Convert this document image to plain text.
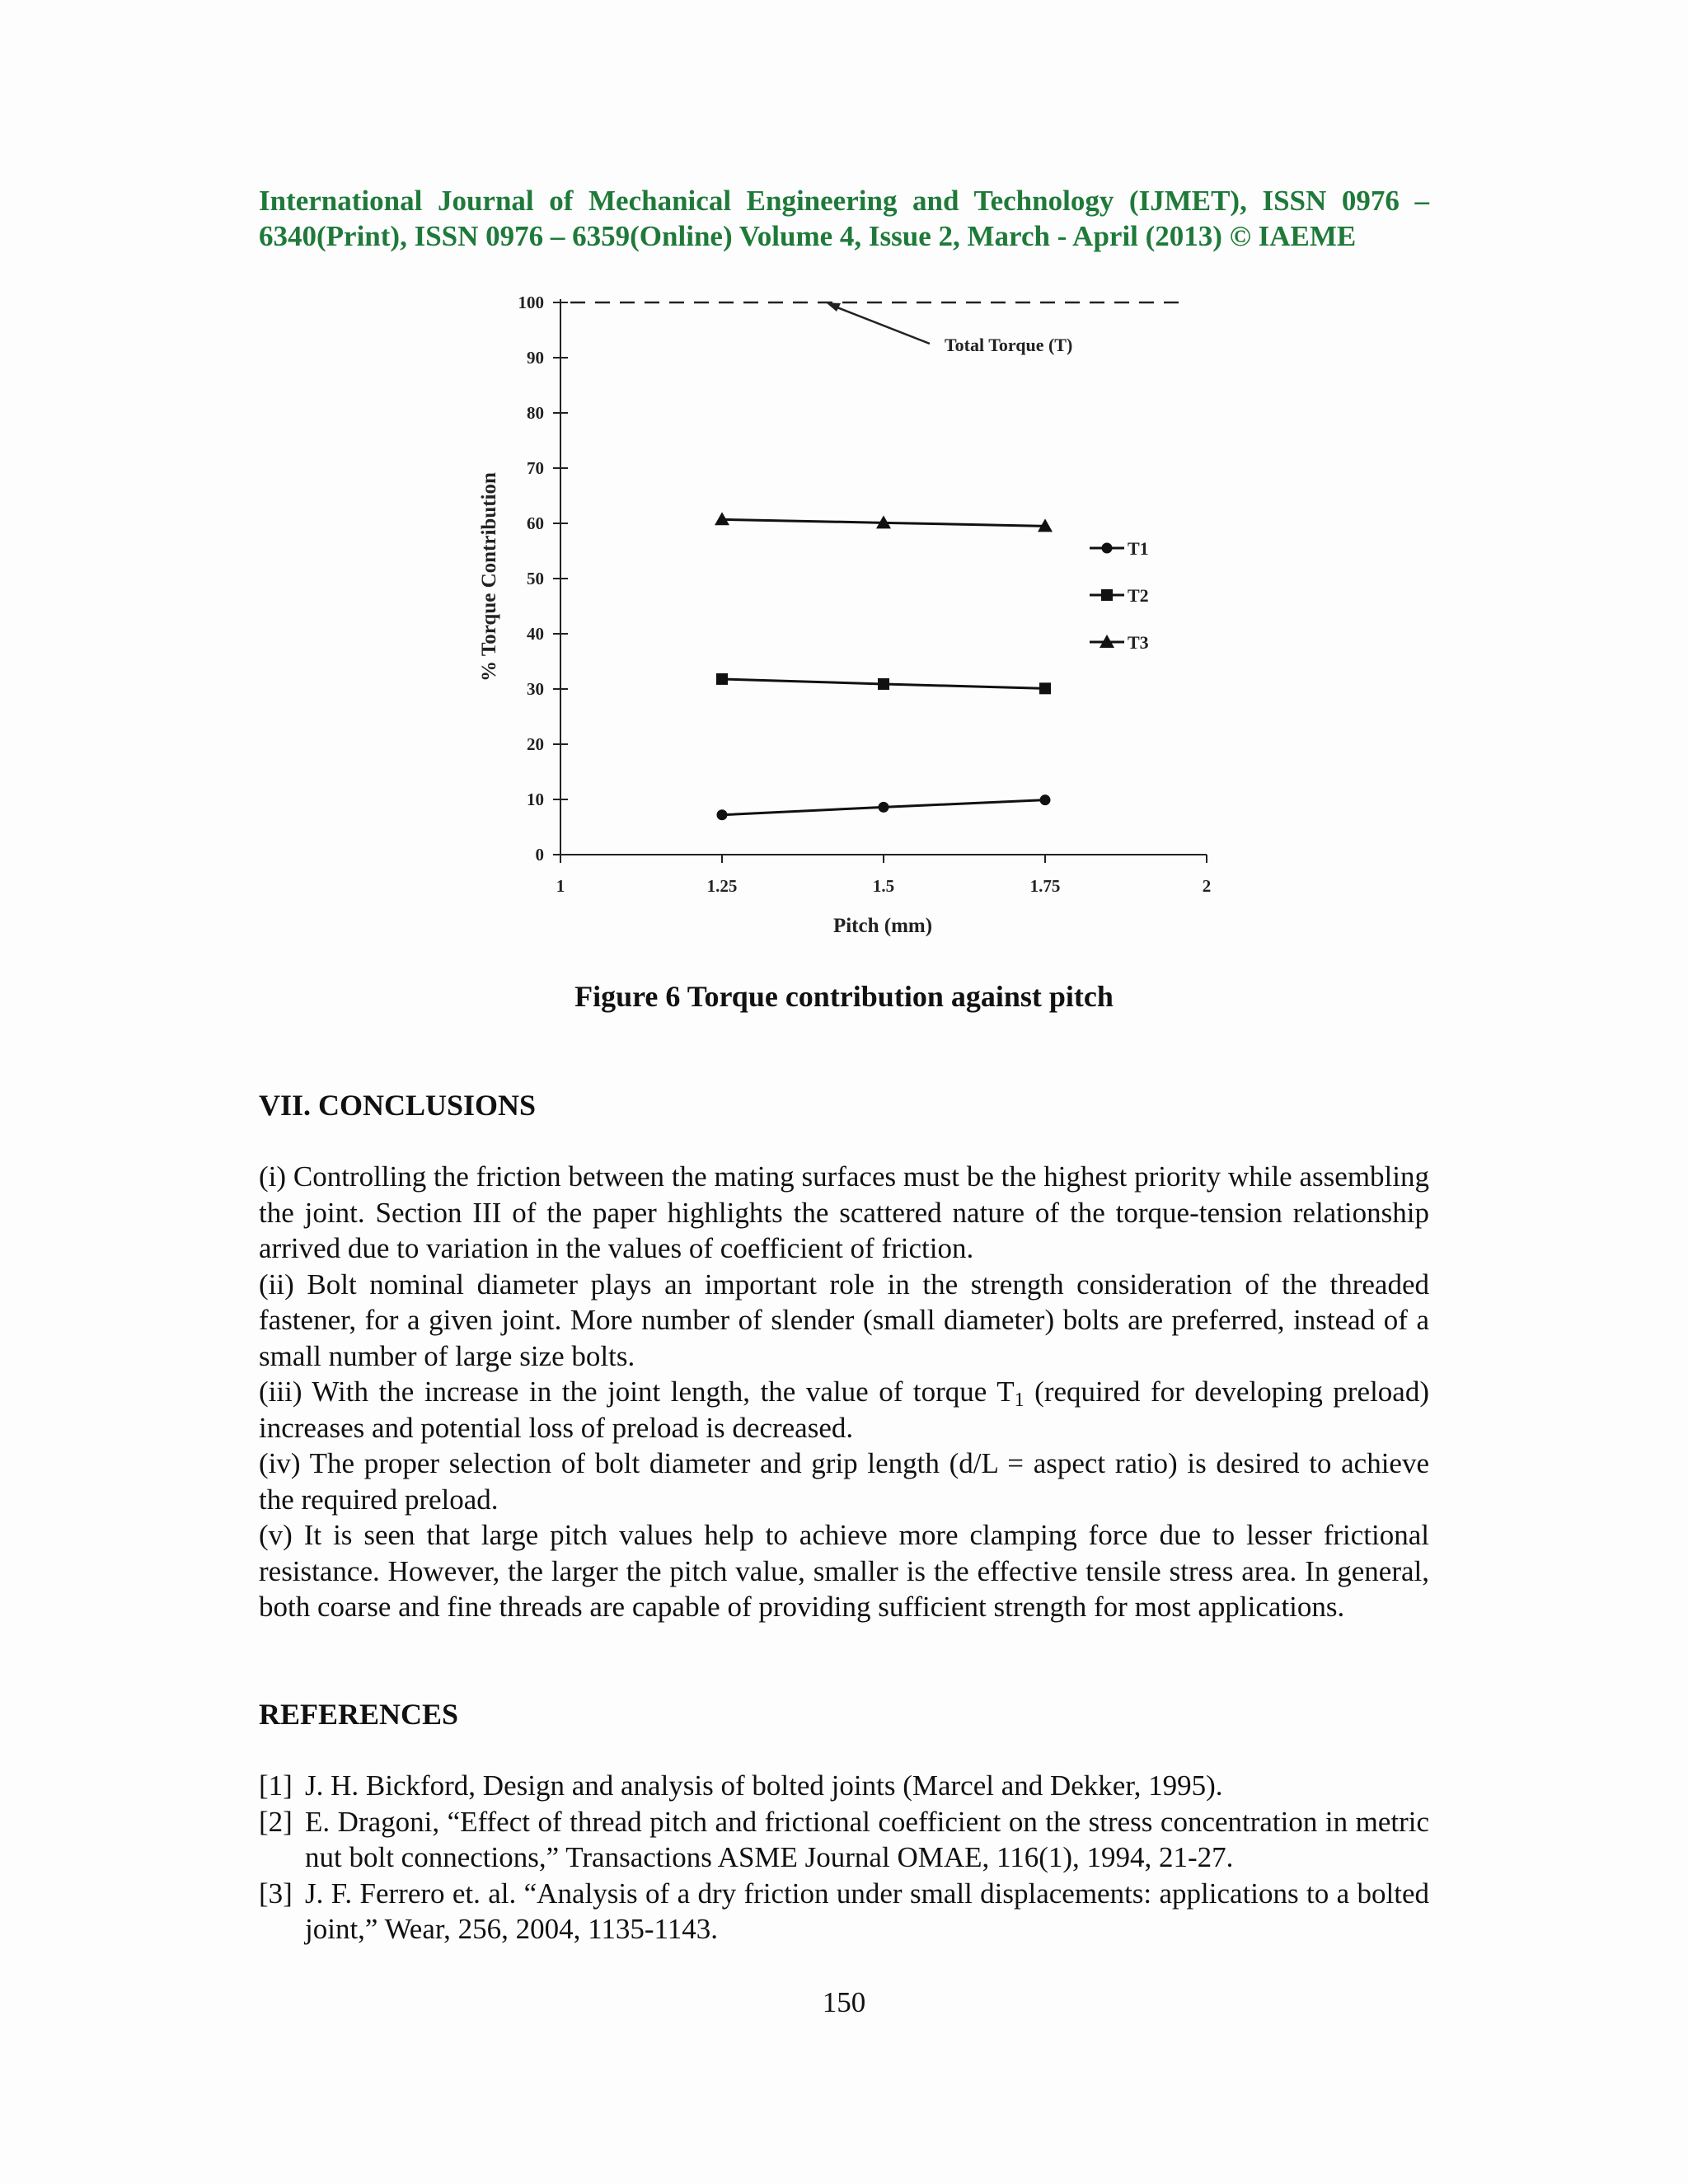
International Journal of Mechanical Engineering and Technology (IJMET), ISSN 0976 –
6340(Print), ISSN 0976 – 6359(Online) Volume 4, Issue 2, March - April (2013) © IAEME
0
10
20
30
40
50
60
70
80
90
100
1	1.25	1.5	1.75	2
Pitch (mm)
% Torque Contribution
Total Torque (T)
T1
T2
T3
Figure 6 Torque contribution against pitch
VII. CONCLUSIONS

(i) Controlling the friction between the mating surfaces must be the highest priority while assembling the joint. Section III of the paper highlights the scattered nature of the torque-tension relationship arrived due to variation in the values of coefficient of friction.

(ii) Bolt nominal diameter plays an important role in the strength consideration of the threaded fastener, for a given joint. More number of slender (small diameter) bolts are preferred, instead of a small number of large size bolts.

(iii) With the increase in the joint length, the value of torque $T_1$ (required for developing preload) increases and potential loss of preload is decreased.

(iv) The proper selection of bolt diameter and grip length (d/L = aspect ratio) is desired to achieve the required preload.

(v) It is seen that large pitch values help to achieve more clamping force due to lesser frictional resistance. However, the larger the pitch value, smaller is the effective tensile stress area. In general, both coarse and fine threads are capable of providing sufficient strength for most applications.

REFERENCES
[1] J. H. Bickford, Design and analysis of bolted joints (Marcel and Dekker, 1995).
[2] E. Dragoni, “Effect of thread pitch and frictional coefficient on the stress concentration in metric nut bolt connections,” Transactions ASME Journal OMAE, 116(1), 1994, 21-27.
[3] J. F. Ferrero et. al. “Analysis of a dry friction under small displacements: applications to a bolted joint,” Wear, 256, 2004, 1135-1143.
150
